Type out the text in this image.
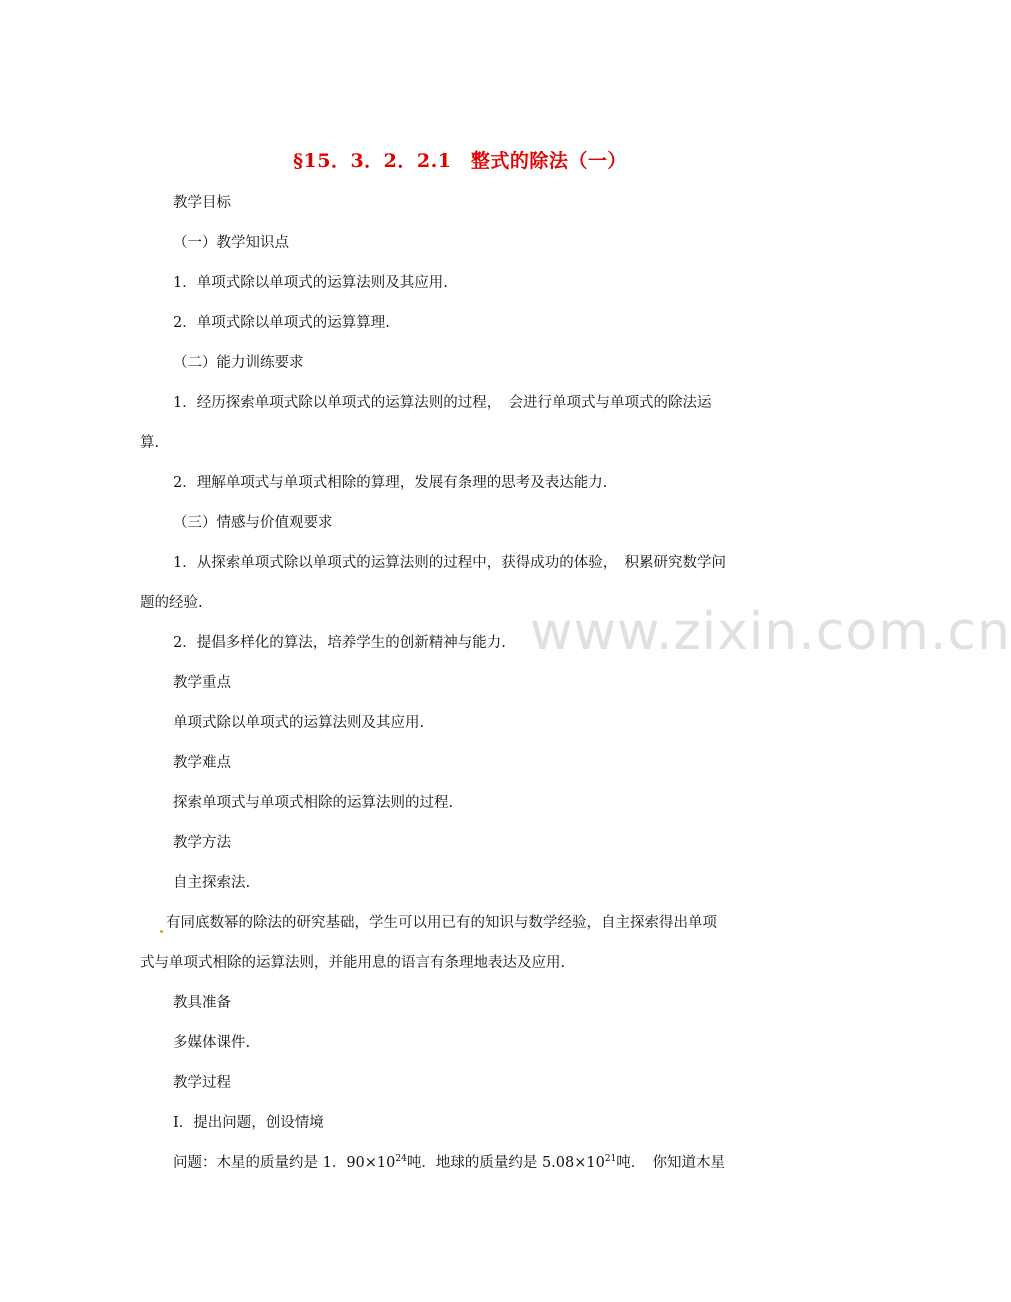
www.zixin.com.cn
§15．3．2．2.1　整式的除法（一）
教学目标
（一）教学知识点
1．单项式除以单项式的运算法则及其应用.
2．单项式除以单项式的运算算理.
（二）能力训练要求
1．经历探索单项式除以单项式的运算法则的过程，　会进行单项式与单项式的除法运
算.
2．理解单项式与单项式相除的算理，发展有条理的思考及表达能力.
（三）情感与价值观要求
1．从探索单项式除以单项式的运算法则的过程中，获得成功的体验，　积累研究数学问
题的经验.
2．提倡多样化的算法，培养学生的创新精神与能力.
教学重点
单项式除以单项式的运算法则及其应用.
教学难点
探索单项式与单项式相除的运算法则的过程.
教学方法
自主探索法.
有同底数幂的除法的研究基础，学生可以用已有的知识与数学经验，自主探索得出单项
式与单项式相除的运算法则，并能用息的语言有条理地表达及应用.
教具准备
多媒体课件.
教学过程
Ⅰ．提出问题，创设情境
问题：木星的质量约是 1．$90\times 10^{24}$吨．地球的质量约是 $5.08\times 10^{21}$吨．　你知道木星
